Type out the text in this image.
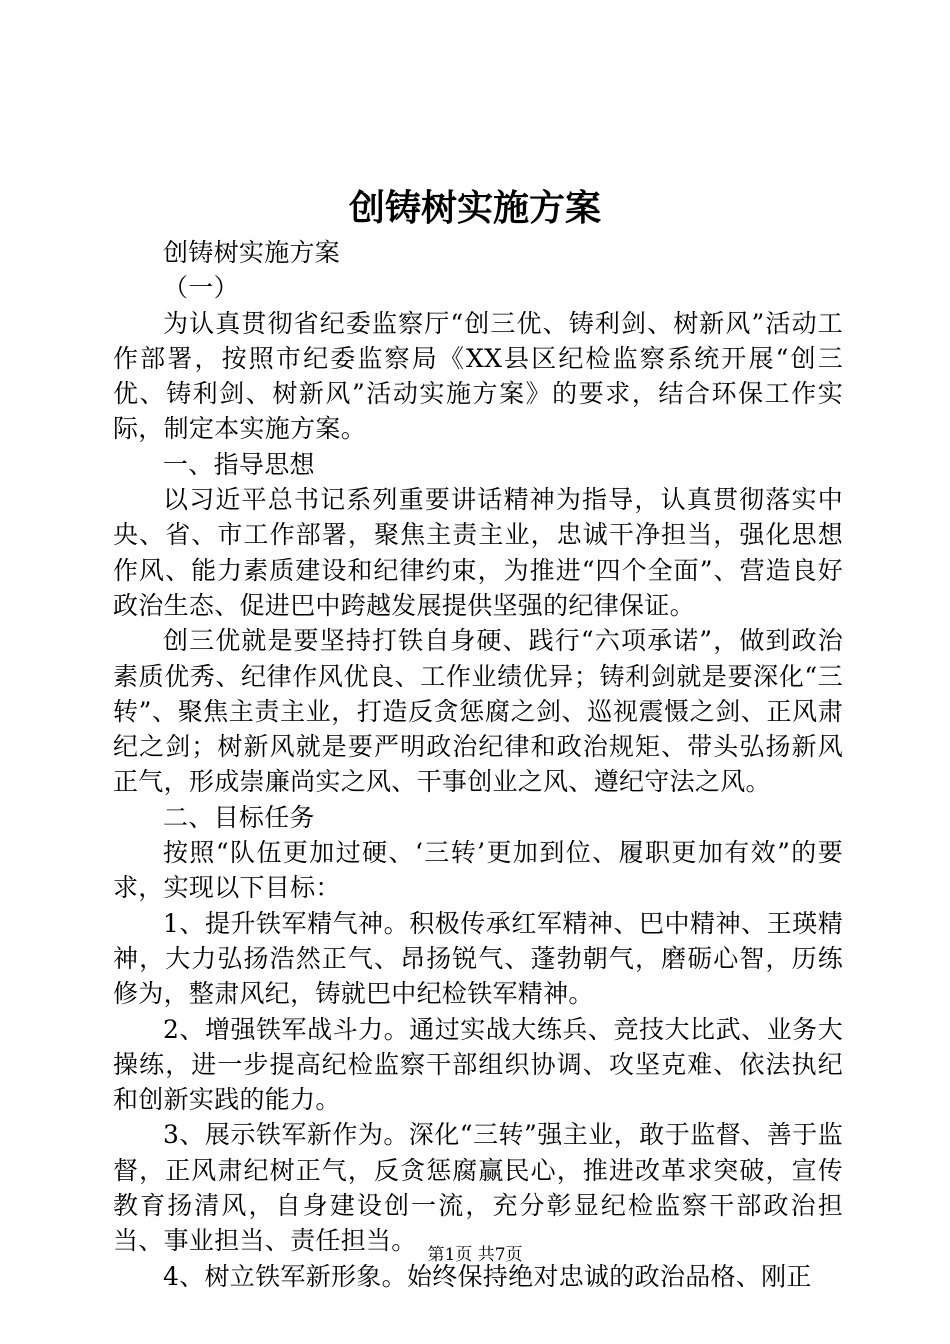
创铸树实施方案

创铸树实施方案

（一）

为认真贯彻省纪委监察厅“创三优、铸利剑、树新风”活动工作部署，按照市纪委监察局《XX县区纪检监察系统开展“创三优、铸利剑、树新风”活动实施方案》的要求，结合环保工作实际，制定本实施方案。

一、指导思想

以习近平总书记系列重要讲话精神为指导，认真贯彻落实中央、省、市工作部署，聚焦主责主业，忠诚干净担当，强化思想作风、能力素质建设和纪律约束，为推进“四个全面”、营造良好政治生态、促进巴中跨越发展提供坚强的纪律保证。

创三优就是要坚持打铁自身硬、践行“六项承诺”，做到政治素质优秀、纪律作风优良、工作业绩优异；铸利剑就是要深化“三转”、聚焦主责主业，打造反贪惩腐之剑、巡视震慑之剑、正风肃纪之剑；树新风就是要严明政治纪律和政治规矩、带头弘扬新风正气，形成崇廉尚实之风、干事创业之风、遵纪守法之风。

二、目标任务

按照“队伍更加过硬、‘三转’更加到位、履职更加有效”的要求，实现以下目标：

1、提升铁军精气神。积极传承红军精神、巴中精神、王瑛精神，大力弘扬浩然正气、昂扬锐气、蓬勃朝气，磨砺心智，历练修为，整肃风纪，铸就巴中纪检铁军精神。

2、增强铁军战斗力。通过实战大练兵、竞技大比武、业务大操练，进一步提高纪检监察干部组织协调、攻坚克难、依法执纪和创新实践的能力。

3、展示铁军新作为。深化“三转”强主业，敢于监督、善于监督，正风肃纪树正气，反贪惩腐赢民心，推进改革求突破，宣传教育扬清风，自身建设创一流，充分彰显纪检监察干部政治担当、事业担当、责任担当。

4、树立铁军新形象。始终保持绝对忠诚的政治品格、刚正

第1页 共7页
